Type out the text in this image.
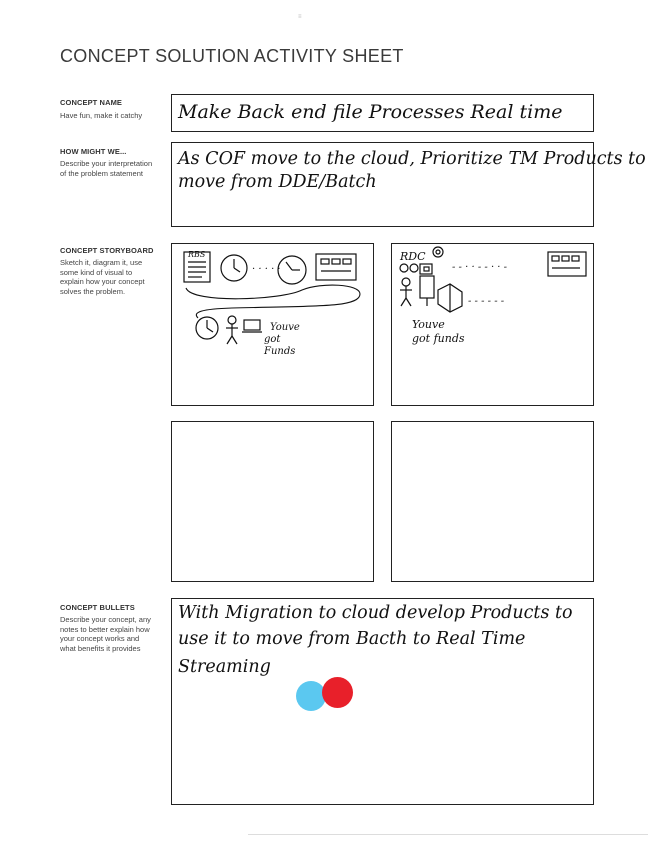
≡
CONCEPT SOLUTION ACTIVITY SHEET
CONCEPT NAME
Have fun, make it catchy	Make Back end file Processes Real time
HOW MIGHT WE...
Describe your interpretation of the problem statement
As COF move to the cloud, Prioritize TM Products to
move from DDE/Batch
CONCEPT STORYBOARD
Sketch it, diagram it, use some kind of visual to explain how your concept solves the problem.
RBS
· · · · ·
Youve
got
Funds
RDC
- - · · - - · · -
- - - - - -
Youve
got funds
CONCEPT BULLETS
Describe your concept, any notes to better explain how your concept works and what benefits it provides
With Migration to cloud develop Products to
use it to move from Bacth to Real Time
Streaming
